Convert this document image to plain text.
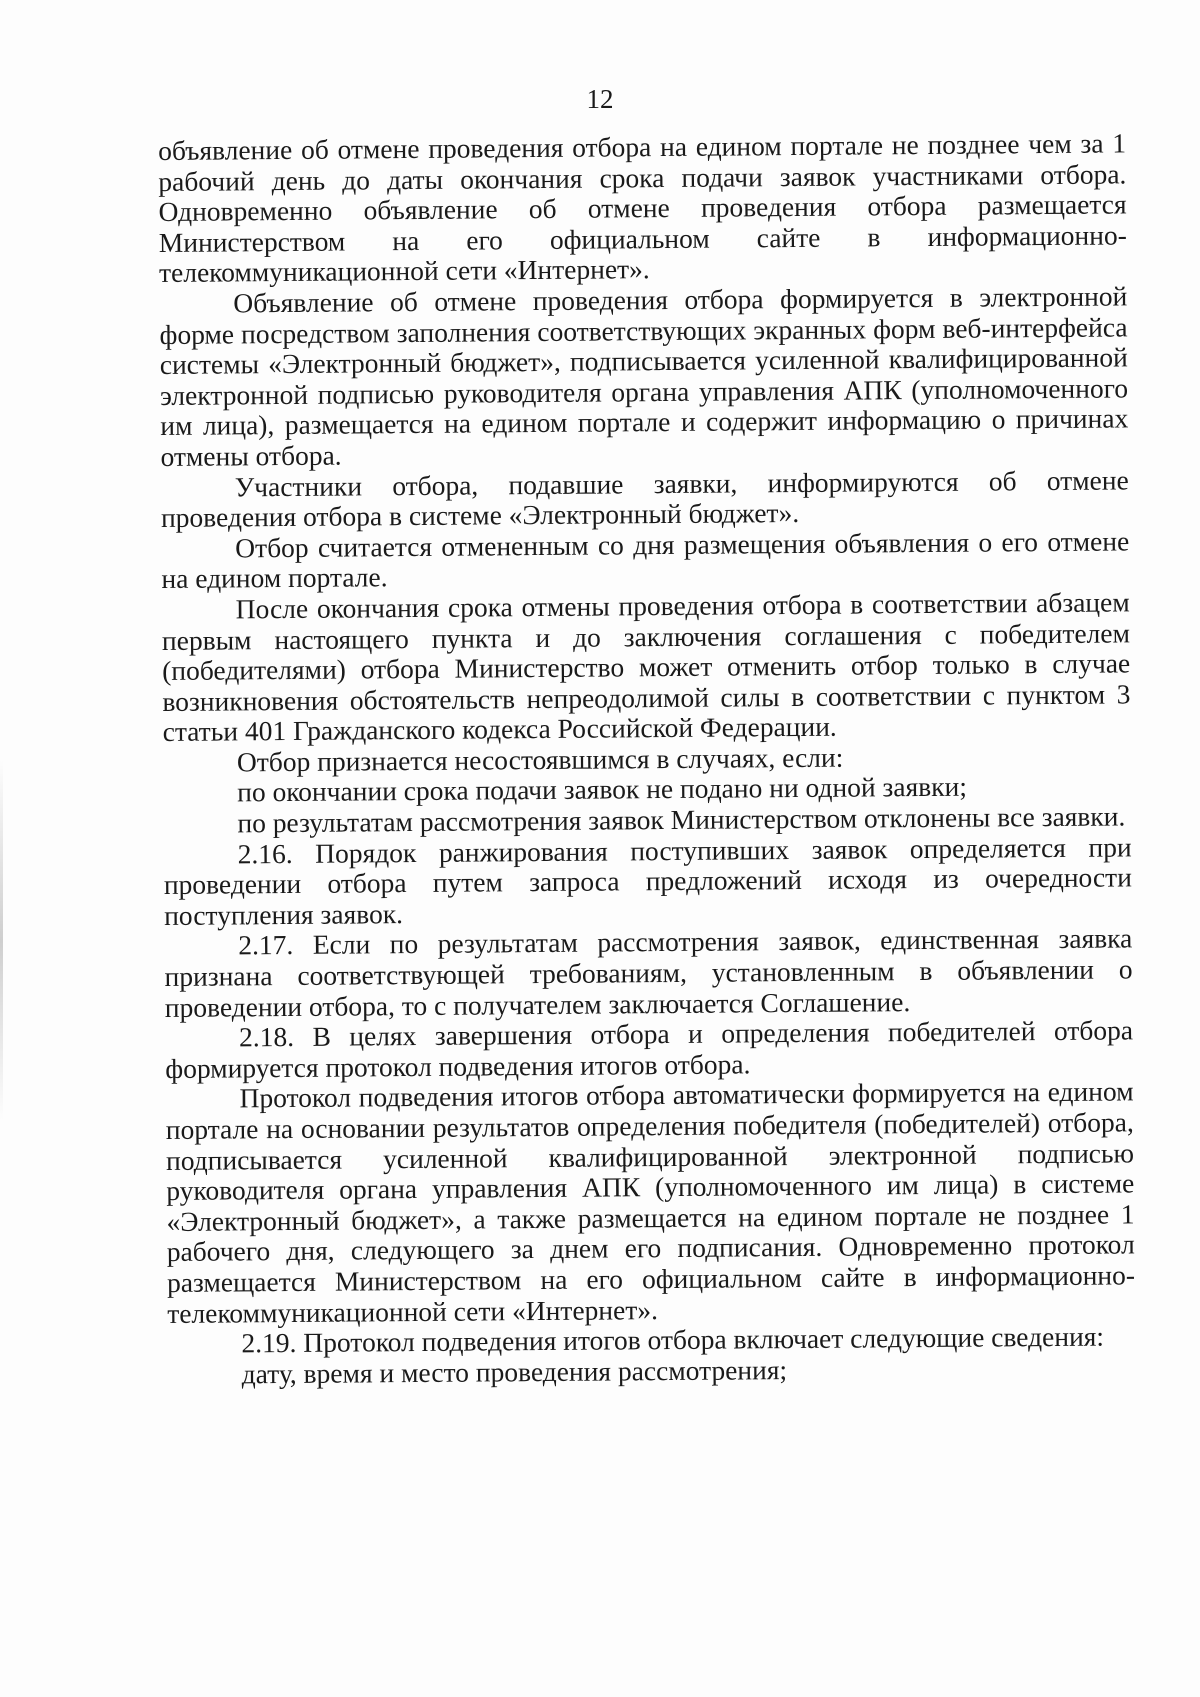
12

объявление об отмене проведения отбора на едином портале не позднее чем за 1 рабочий день до даты окончания срока подачи заявок участниками отбора. Одновременно объявление об отмене проведения отбора размещается Министерством на его официальном сайте в информационно-телекоммуникационной сети «Интернет».

Объявление об отмене проведения отбора формируется в электронной форме посредством заполнения соответствующих экранных форм веб-интерфейса системы «Электронный бюджет», подписывается усиленной квалифицированной электронной подписью руководителя органа управления АПК (уполномоченного им лица), размещается на едином портале и содержит информацию о причинах отмены отбора.

Участники отбора, подавшие заявки, информируются об отмене проведения отбора в системе «Электронный бюджет».

Отбор считается отмененным со дня размещения объявления о его отмене на едином портале.

После окончания срока отмены проведения отбора в соответствии абзацем первым настоящего пункта и до заключения соглашения с победителем (победителями) отбора Министерство может отменить отбор только в случае возникновения обстоятельств непреодолимой силы в соответствии с пунктом 3 статьи 401 Гражданского кодекса Российской Федерации.

Отбор признается несостоявшимся в случаях, если:

по окончании срока подачи заявок не подано ни одной заявки;

по результатам рассмотрения заявок Министерством отклонены все заявки.

2.16. Порядок ранжирования поступивших заявок определяется при проведении отбора путем запроса предложений исходя из очередности поступления заявок.

2.17. Если по результатам рассмотрения заявок, единственная заявка признана соответствующей требованиям, установленным в объявлении о проведении отбора, то с получателем заключается Соглашение.

2.18. В целях завершения отбора и определения победителей отбора формируется протокол подведения итогов отбора.

Протокол подведения итогов отбора автоматически формируется на едином портале на основании результатов определения победителя (победителей) отбора, подписывается усиленной квалифицированной электронной подписью руководителя органа управления АПК (уполномоченного им лица) в системе «Электронный бюджет», а также размещается на едином портале не позднее 1 рабочего дня, следующего за днем его подписания. Одновременно протокол размещается Министерством на его официальном сайте в информационно-телекоммуникационной сети «Интернет».

2.19. Протокол подведения итогов отбора включает следующие сведения:

дату, время и место проведения рассмотрения;
